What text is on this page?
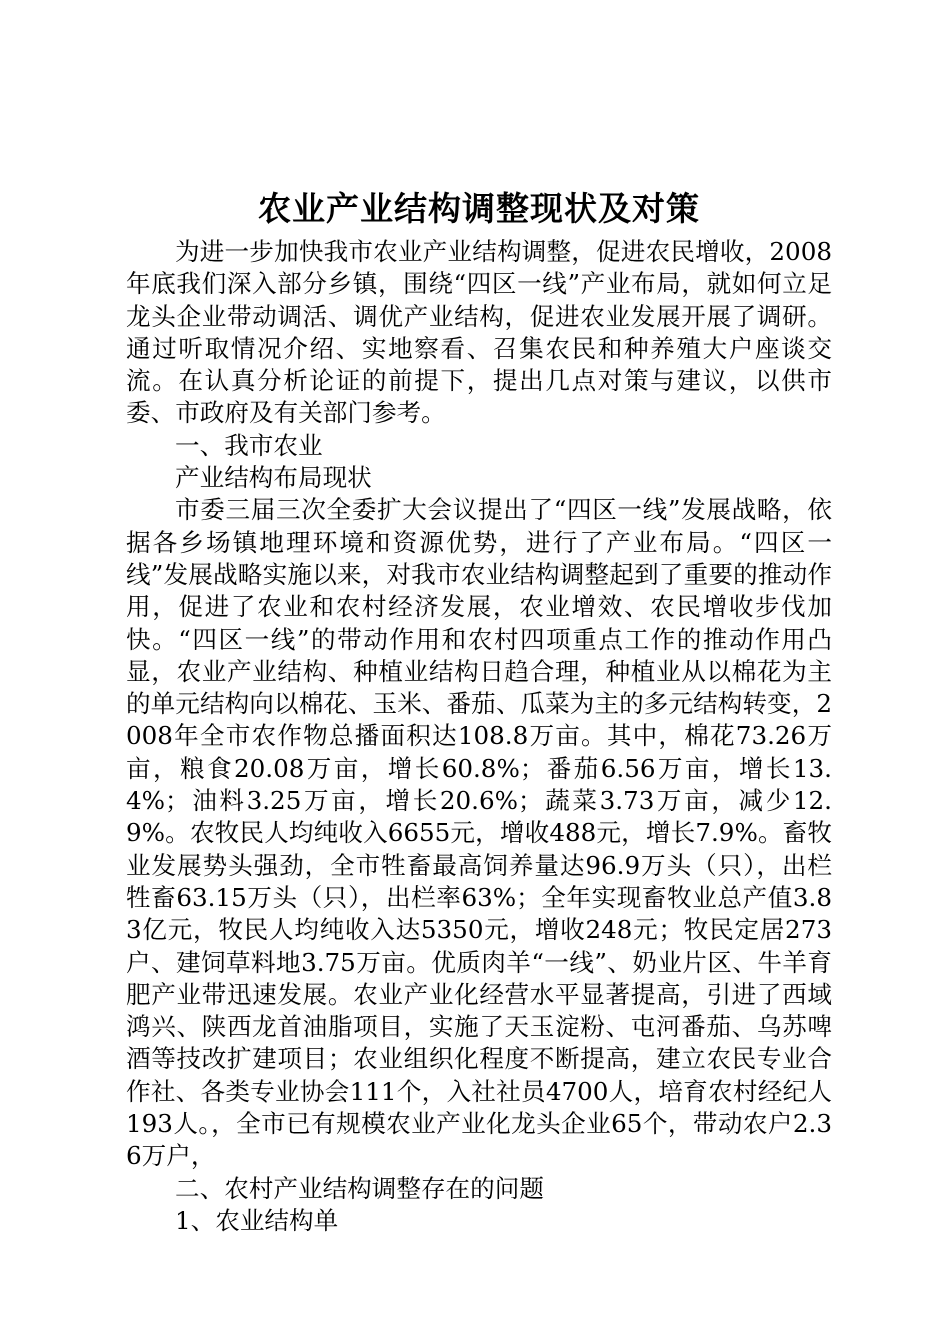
农业产业结构调整现状及对策

为进一步加快我市农业产业结构调整，促进农民增收，2008年底我们深入部分乡镇，围绕“四区一线”产业布局，就如何立足龙头企业带动调活、调优产业结构，促进农业发展开展了调研。通过听取情况介绍、实地察看、召集农民和种养殖大户座谈交流。在认真分析论证的前提下，提出几点对策与建议，以供市委、市政府及有关部门参考。

一、我市农业

产业结构布局现状

市委三届三次全委扩大会议提出了“四区一线”发展战略，依据各乡场镇地理环境和资源优势，进行了产业布局。“四区一线”发展战略实施以来，对我市农业结构调整起到了重要的推动作用，促进了农业和农村经济发展，农业增效、农民增收步伐加快。“四区一线”的带动作用和农村四项重点工作的推动作用凸显，农业产业结构、种植业结构日趋合理，种植业从以棉花为主的单元结构向以棉花、玉米、番茄、瓜菜为主的多元结构转变，2008年全市农作物总播面积达108.8万亩。其中，棉花73.26万亩，粮食20.08万亩，增长60.8%；番茄6.56万亩，增长13.4%；油料3.25万亩，增长20.6%；蔬菜3.73万亩，减少12.9%。农牧民人均纯收入6655元，增收488元，增长7.9%。畜牧业发展势头强劲，全市牲畜最高饲养量达96.9万头（只），出栏牲畜63.15万头（只），出栏率63%；全年实现畜牧业总产值3.83亿元，牧民人均纯收入达5350元，增收248元；牧民定居273户、建饲草料地3.75万亩。优质肉羊“一线”、奶业片区、牛羊育肥产业带迅速发展。农业产业化经营水平显著提高，引进了西域鸿兴、陕西龙首油脂项目，实施了天玉淀粉、屯河番茄、乌苏啤酒等技改扩建项目；农业组织化程度不断提高，建立农民专业合作社、各类专业协会111个，入社社员4700人，培育农村经纪人193人。，全市已有规模农业产业化龙头企业65个，带动农户2.36万户，

二、农村产业结构调整存在的问题

1、农业结构单
